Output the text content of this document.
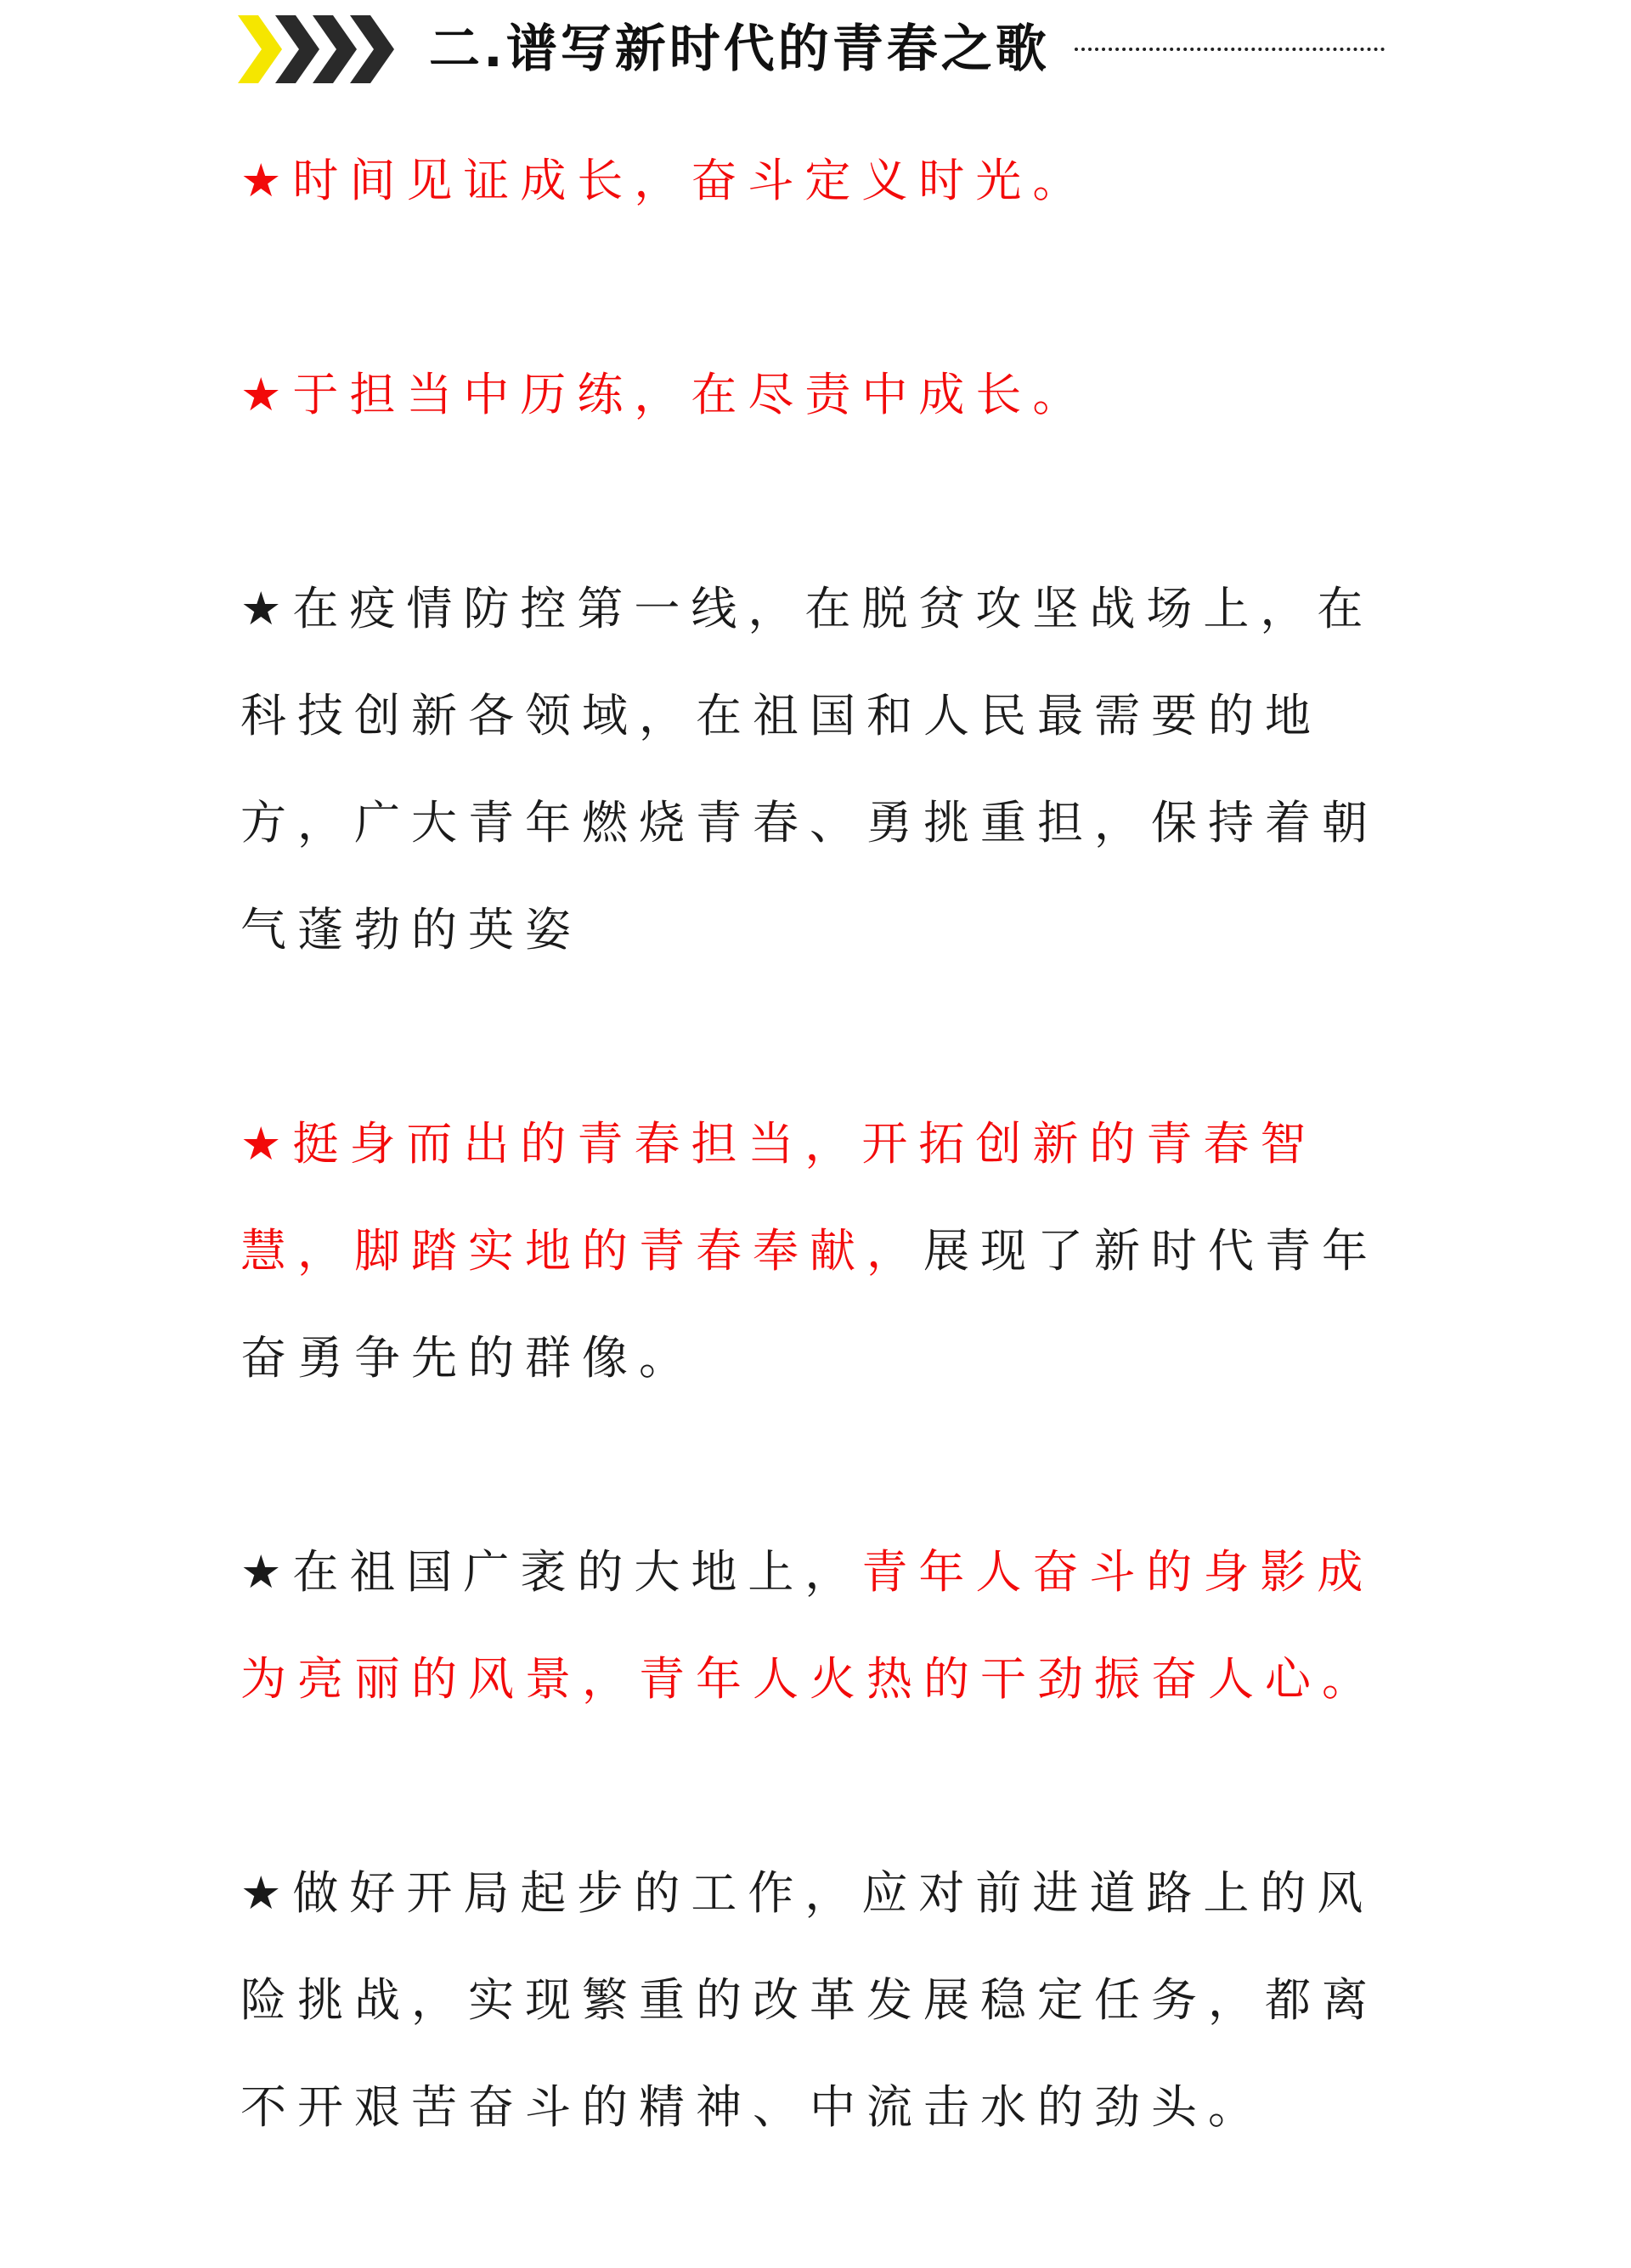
二.谱写新时代的青春之歌

★时间见证成长，奋斗定义时光。

★于担当中历练，在尽责中成长。

★在疫情防控第一线，在脱贫攻坚战场上，在科技创新各领域，在祖国和人民最需要的地方，广大青年燃烧青春、勇挑重担，保持着朝气蓬勃的英姿

★挺身而出的青春担当，开拓创新的青春智慧，脚踏实地的青春奉献，展现了新时代青年奋勇争先的群像。

★在祖国广袤的大地上，青年人奋斗的身影成为亮丽的风景，青年人火热的干劲振奋人心。

★做好开局起步的工作，应对前进道路上的风险挑战，实现繁重的改革发展稳定任务，都离不开艰苦奋斗的精神、中流击水的劲头。
